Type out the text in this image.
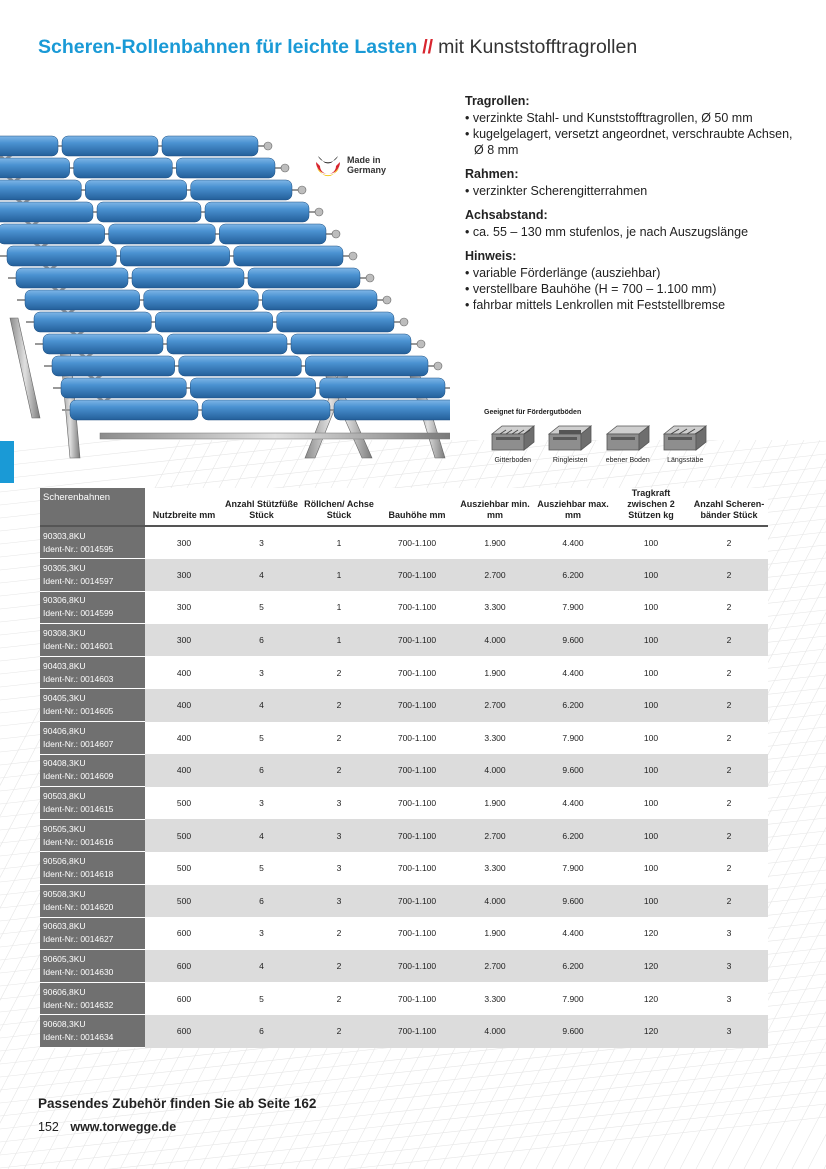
Scheren-Rollenbahnen für leichte Lasten // mit Kunststofftragrollen
Made in Germany
Tragrollen:
• verzinkte Stahl- und Kunststofftragrollen, Ø 50 mm
• kugelgelagert, versetzt angeordnet, verschraubte Achsen, Ø 8 mm
Rahmen:
• verzinkter Scherengitterrahmen
Achsabstand:
• ca. 55 – 130 mm stufenlos, je nach Auszugslänge
Hinweis:
• variable Förderlänge (ausziehbar)
• verstellbare Bauhöhe (H = 700 – 1.100 mm)
• fahrbar mittels Lenkrollen mit Feststellbremse
Geeignet für Fördergutböden
Gitterboden	Ringleisten	ebener Boden Längsstäbe
Scherenbahnen	Nutzbreite mm	Anzahl Stützfüße Stück	Röllchen/ Achse Stück	Bauhöhe mm	Ausziehbar min. mm	Ausziehbar max. mm	Tragkraft zwischen 2 Stützen kg	Anzahl Scheren- bänder Stück

90303,8KU
Ident-Nr.: 0014595	300	3	1	700-1.100	1.900	4.400	100	2

90305,3KU
Ident-Nr.: 0014597	300	4	1	700-1.100	2.700	6.200	100	2

90306,8KU
Ident-Nr.: 0014599	300	5	1	700-1.100	3.300	7.900	100	2

90308,3KU
Ident-Nr.: 0014601	300	6	1	700-1.100	4.000	9.600	100	2

90403,8KU
Ident-Nr.: 0014603	400	3	2	700-1.100	1.900	4.400	100	2

90405,3KU
Ident-Nr.: 0014605	400	4	2	700-1.100	2.700	6.200	100	2

90406,8KU
Ident-Nr.: 0014607	400	5	2	700-1.100	3.300	7.900	100	2

90408,3KU
Ident-Nr.: 0014609	400	6	2	700-1.100	4.000	9.600	100	2

90503,8KU
Ident-Nr.: 0014615	500	3	3	700-1.100	1.900	4.400	100	2

90505,3KU
Ident-Nr.: 0014616	500	4	3	700-1.100	2.700	6.200	100	2

90506,8KU
Ident-Nr.: 0014618	500	5	3	700-1.100	3.300	7.900	100	2

90508,3KU
Ident-Nr.: 0014620	500	6	3	700-1.100	4.000	9.600	100	2

90603,8KU
Ident-Nr.: 0014627	600	3	2	700-1.100	1.900	4.400	120	3

90605,3KU
Ident-Nr.: 0014630	600	4	2	700-1.100	2.700	6.200	120	3

90606,8KU
Ident-Nr.: 0014632	600	5	2	700-1.100	3.300	7.900	120	3

90608,3KU
Ident-Nr.: 0014634	600	6	2	700-1.100	4.000	9.600	120	3
Passendes Zubehör finden Sie ab Seite 162
152 www.torwegge.de
